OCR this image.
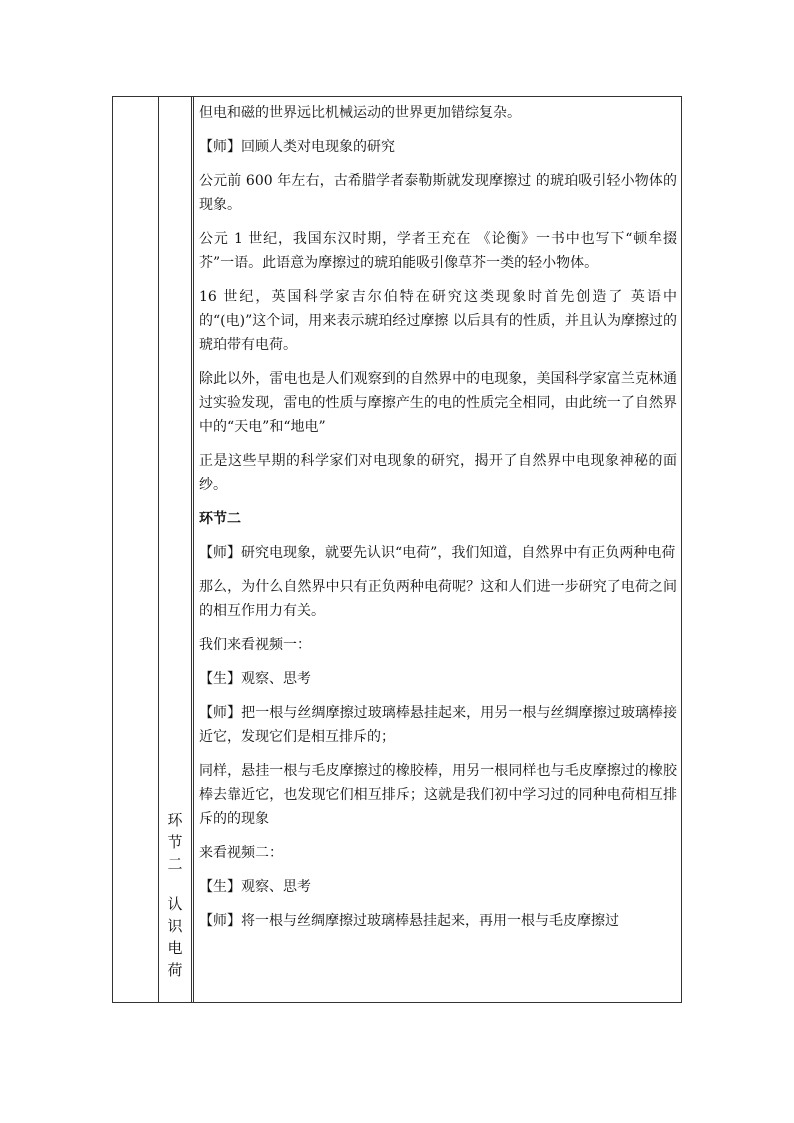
环
节
二
认
识
电
荷

但电和磁的世界远比机械运动的世界更加错综复杂。

【师】回顾人类对电现象的研究

公元前 600 年左右，古希腊学者泰勒斯就发现摩擦过 的琥珀吸引轻小物体的现象。

公元 1 世纪，我国东汉时期，学者王充在 《论衡》一书中也写下“顿牟掇芥”一语。此语意为摩擦过的琥珀能吸引像草芥一类的轻小物体。

16 世纪，英国科学家吉尔伯特在研究这类现象时首先创造了 英语中的“(电)”这个词，用来表示琥珀经过摩擦 以后具有的性质，并且认为摩擦过的琥珀带有电荷。

除此以外，雷电也是人们观察到的自然界中的电现象，美国科学家富兰克林通过实验发现，雷电的性质与摩擦产生的电的性质完全相同，由此统一了自然界中的“天电”和“地电”

正是这些早期的科学家们对电现象的研究，揭开了自然界中电现象神秘的面纱。

环节二

【师】研究电现象，就要先认识“电荷”，我们知道，自然界中有正负两种电荷

那么，为什么自然界中只有正负两种电荷呢？这和人们进一步研究了电荷之间的相互作用力有关。

我们来看视频一：

【生】观察、思考

【师】把一根与丝绸摩擦过玻璃棒悬挂起来，用另一根与丝绸摩擦过玻璃棒接近它，发现它们是相互排斥的；

同样，悬挂一根与毛皮摩擦过的橡胶棒，用另一根同样也与毛皮摩擦过的橡胶棒去靠近它，也发现它们相互排斥；这就是我们初中学习过的同种电荷相互排斥的的现象

来看视频二：

【生】观察、思考

【师】将一根与丝绸摩擦过玻璃棒悬挂起来，再用一根与毛皮摩擦过
